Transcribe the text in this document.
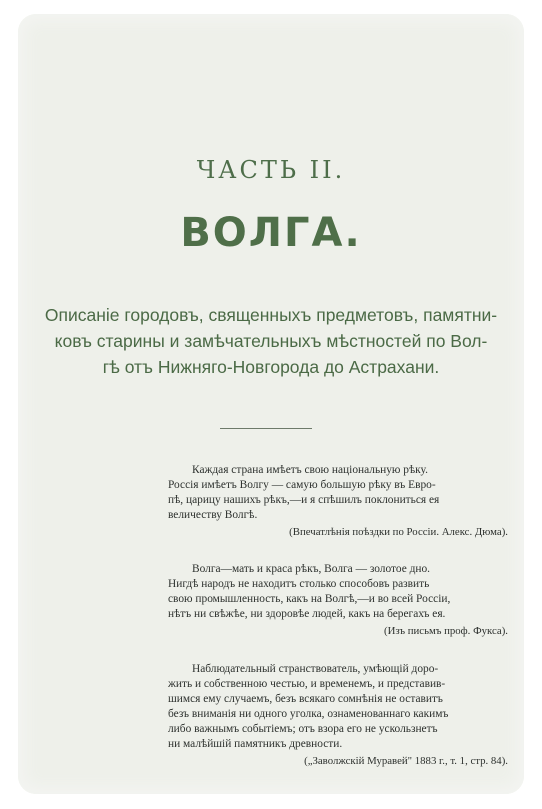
ЧАСТЬ II.
ВОЛГА.
Описаніе городовъ, священныхъ предметовъ, памятни-
ковъ старины и замѣчательныхъ мѣстностей по Вол-
гѣ отъ Нижняго-Новгорода до Астрахани.
Каждая страна имѣетъ свою національную рѣку.
Россія имѣетъ Волгу — самую большую рѣку въ Евро-
пѣ, царицу нашихъ рѣкъ,—и я спѣшилъ поклониться ея
величеству Волгѣ.
(Впечатлѣнія поѣздки по Россіи. Алекс. Дюма).
Волга—мать и краса рѣкъ, Волга — золотое дно.
Нигдѣ народъ не находитъ столько способовъ развить
свою промышленность, какъ на Волгѣ,—и во всей Россіи,
нѣтъ ни свѣжѣе, ни здоровѣе людей, какъ на берегахъ ея.
(Изъ письмъ проф. Фукса).
Наблюдательный странствователь, умѣющій доро-
жить и собственною честью, и временемъ, и представив-
шимся ему случаемъ, безъ всякаго сомнѣнія не оставитъ
безъ вниманія ни одного уголка, ознаменованнаго какимъ
либо важнымъ событіемъ; отъ взора его не ускользнетъ
ни малѣйшій памятникъ древности.
(„Заволжскій Муравей" 1883 г., т. 1, стр. 84).
